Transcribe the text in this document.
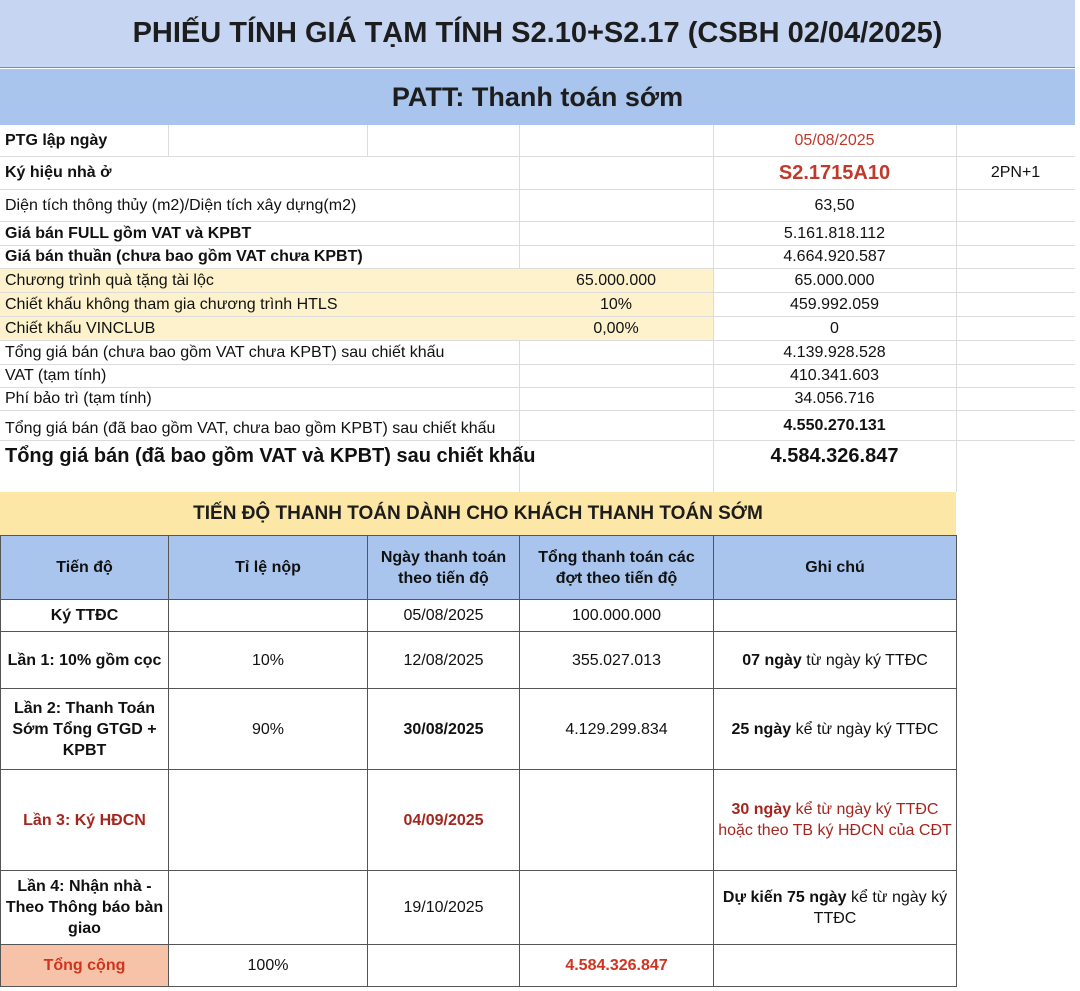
PHIẾU TÍNH GIÁ TẠM TÍNH S2.10+S2.17 (CSBH 02/04/2025)
PATT: Thanh toán sớm
PTG lập ngày	05/08/2025
Ký hiệu nhà ở	S2.1715A10	2PN+1
Diện tích thông thủy (m2)/Diện tích xây dựng(m2)	63,50
Giá bán FULL gồm VAT và KPBT	5.161.818.112
Giá bán thuần (chưa bao gồm VAT chưa KPBT)	4.664.920.587
Chương trình quà tặng tài lộc	65.000.000	65.000.000
Chiết khấu không tham gia chương trình HTLS	10%	459.992.059
Chiết khấu VINCLUB	0,00%	0
Tổng giá bán (chưa bao gồm VAT chưa KPBT) sau chiết khấu	4.139.928.528
VAT (tạm tính)	410.341.603
Phí bảo trì (tạm tính)	34.056.716
Tổng giá bán (đã bao gồm VAT, chưa bao gồm KPBT) sau chiết khấu	4.550.270.131
Tổng giá bán (đã bao gồm VAT và KPBT) sau chiết khấu	4.584.326.847
TIẾN ĐỘ THANH TOÁN DÀNH CHO KHÁCH THANH TOÁN SỚM
Tiến độ	Tỉ lệ nộp	Ngày thanh toán theo tiến độ	Tổng thanh toán các đợt theo tiến độ	Ghi chú
Ký TTĐC		05/08/2025	100.000.000	
Lần 1: 10% gồm cọc	10%	12/08/2025	355.027.013	07 ngày từ ngày ký TTĐC
Lần 2: Thanh Toán Sớm Tổng GTGD + KPBT	90%	30/08/2025	4.129.299.834	25 ngày kể từ ngày ký TTĐC
Lần 3: Ký HĐCN		04/09/2025		30 ngày kể từ ngày ký TTĐC hoặc theo TB ký HĐCN của CĐT
Lần 4: Nhận nhà - Theo Thông báo bàn giao		19/10/2025		Dự kiến 75 ngày kể từ ngày ký TTĐC
Tổng cộng	100%		4.584.326.847	
